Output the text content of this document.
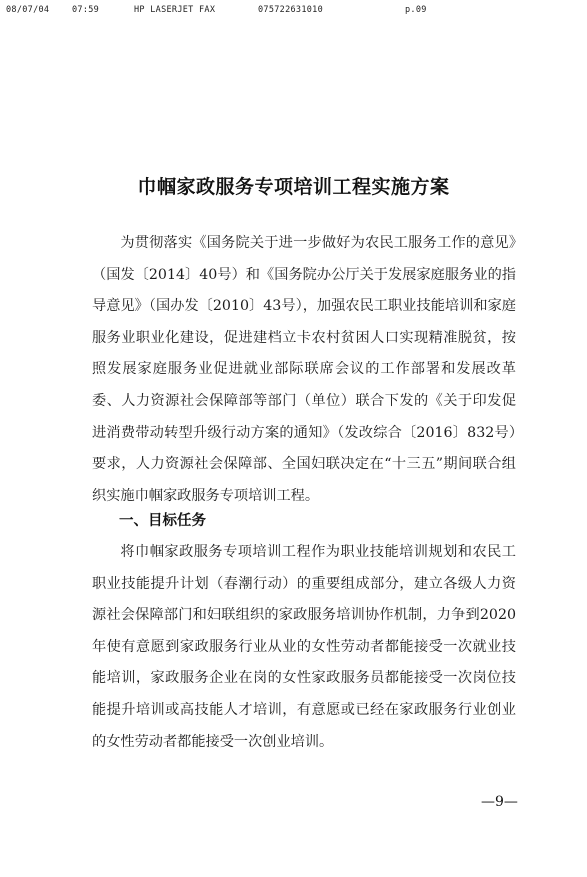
08/07/04	07:59	HP LASERJET FAX	075722631010	p.09
巾帼家政服务专项培训工程实施方案
为贯彻落实《国务院关于进一步做好为农民工服务工作的意见》（国发〔2014〕40号）和《国务院办公厅关于发展家庭服务业的指导意见》（国办发〔2010〕43号），加强农民工职业技能培训和家庭服务业职业化建设，促进建档立卡农村贫困人口实现精准脱贫，按照发展家庭服务业促进就业部际联席会议的工作部署和发展改革委、人力资源社会保障部等部门（单位）联合下发的《关于印发促进消费带动转型升级行动方案的通知》（发改综合〔2016〕832号）要求，人力资源社会保障部、全国妇联决定在“十三五”期间联合组织实施巾帼家政服务专项培训工程。
一、目标任务
将巾帼家政服务专项培训工程作为职业技能培训规划和农民工职业技能提升计划（春潮行动）的重要组成部分，建立各级人力资源社会保障部门和妇联组织的家政服务培训协作机制，力争到2020年使有意愿到家政服务行业从业的女性劳动者都能接受一次就业技能培训，家政服务企业在岗的女性家政服务员都能接受一次岗位技能提升培训或高技能人才培训，有意愿或已经在家政服务行业创业的女性劳动者都能接受一次创业培训。
—9—
